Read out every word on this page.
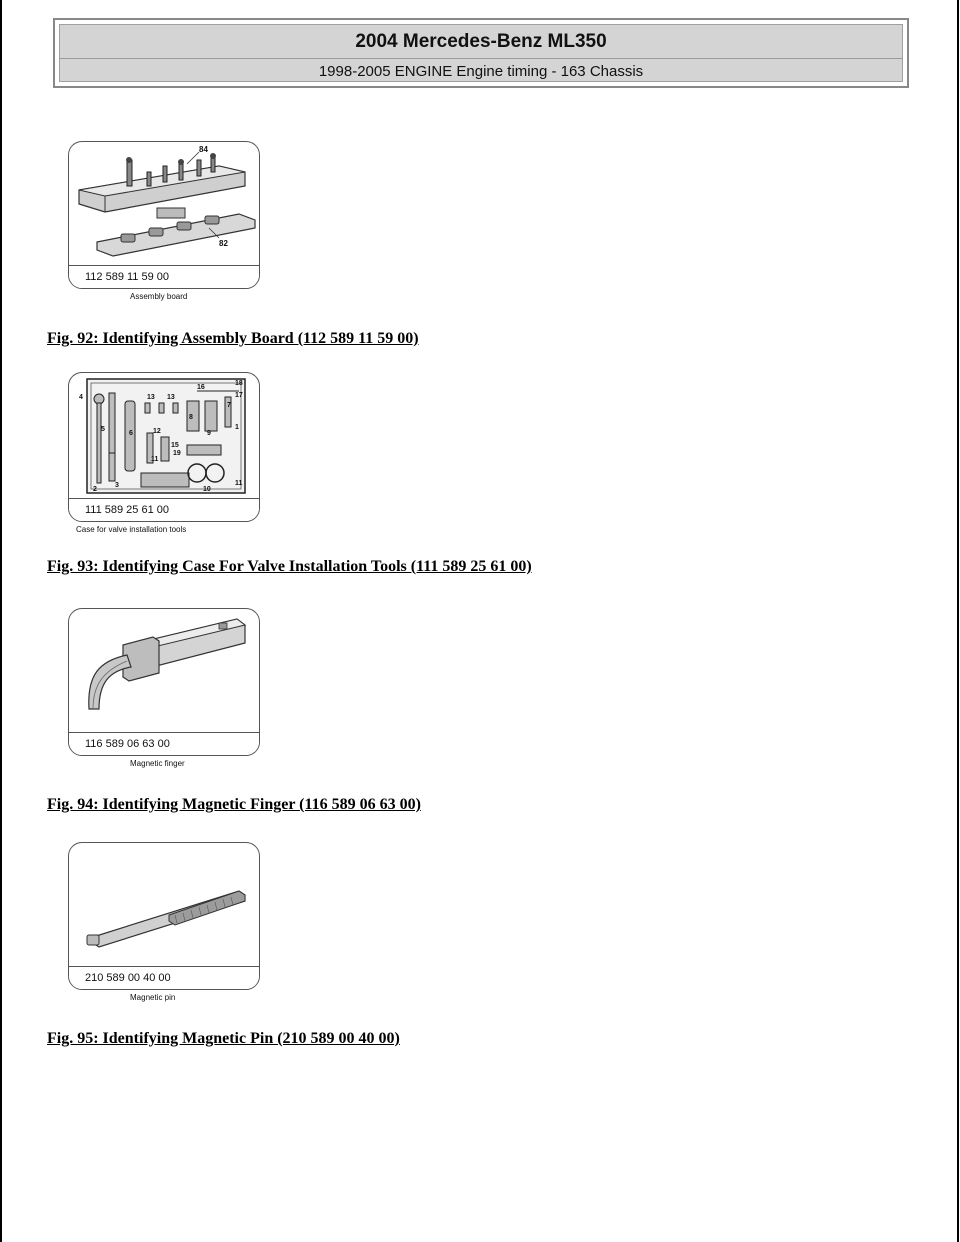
2004 Mercedes-Benz ML350
1998-2005 ENGINE Engine timing - 163 Chassis
84
82
112 589 11 59 00
Assembly board
Fig. 92: Identifying Assembly Board (112 589 11 59 00)
4
5
13 13
16
18
17
7
1
6
8
9
12
15
19
11
2
3
10
11
111 589 25 61 00
Case for valve installation tools
Fig. 93: Identifying Case For Valve Installation Tools (111 589 25 61 00)
116 589 06 63 00
Magnetic finger
Fig. 94: Identifying Magnetic Finger (116 589 06 63 00)
210 589 00 40 00
Magnetic pin
Fig. 95: Identifying Magnetic Pin (210 589 00 40 00)
